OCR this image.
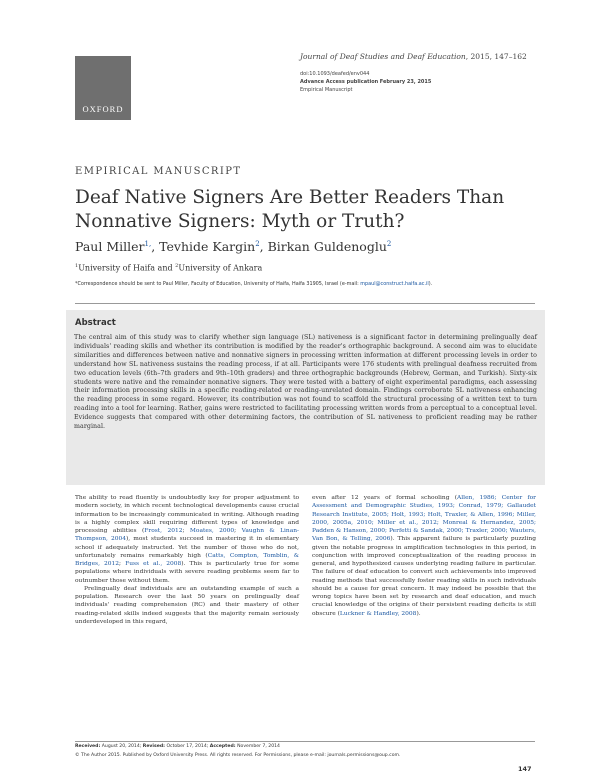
OXFORD
Journal of Deaf Studies and Deaf Education, 2015, 147–162
doi:10.1093/deafed/env044
Advance Access publication February 23, 2015
Empirical Manuscript
EMPIRICAL MANUSCRIPT
Deaf Native Signers Are Better Readers Than Nonnative Signers: Myth or Truth?
Paul Miller$^{1,}$, Tevhide Kargin$^2$, Birkan Guldenoglu$^2$
$^1$University of Haifa and $^2$University of Ankara
*Correspondence should be sent to Paul Miller, Faculty of Education, University of Haifa, Haifa 31905, Israel (e-mail: mpaul@construct.haifa.ac.il).
Abstract

The central aim of this study was to clarify whether sign language (SL) nativeness is a significant factor in determining prelingually deaf individuals' reading skills and whether its contribution is modified by the reader's orthographic background. A second aim was to elucidate similarities and differences between native and nonnative signers in processing written information at different processing levels in order to understand how SL nativeness sustains the reading process, if at all. Participants were 176 students with prelingual deafness recruited from two education levels (6th–7th graders and 9th–10th graders) and three orthographic backgrounds (Hebrew, German, and Turkish). Sixty-six students were native and the remainder nonnative signers. They were tested with a battery of eight experimental paradigms, each assessing their information processing skills in a specific reading-related or reading-unrelated domain. Findings corroborate SL nativeness enhancing the reading process in some regard. However, its contribution was not found to scaffold the structural processing of a written text to turn reading into a tool for learning. Rather, gains were restricted to facilitating processing written words from a perceptual to a conceptual level. Evidence suggests that compared with other determining factors, the contribution of SL nativeness to proficient reading may be rather marginal.

The ability to read fluently is undoubtedly key for proper adjustment to modern society, in which recent technological developments cause crucial information to be increasingly communicated in writing. Although reading is a highly complex skill requiring different types of knowledge and processing abilities (Frost, 2012; Moates, 2000; Vaughn & Linan-Thompson, 2004), most students succeed in mastering it in elementary school if adequately instructed. Yet the number of those who do not, unfortunately remains remarkably high (Catts, Compton, Tomblin, & Bridges, 2012; Fuss et al., 2008). This is particularly true for some populations where individuals with severe reading problems seem far to outnumber those without them.

Prelingually deaf individuals are an outstanding example of such a population. Research over the last 50 years on prelingually deaf individuals' reading comprehension (RC) and their mastery of other reading-related skills indeed suggests that the majority remain seriously underdeveloped in this regard,

even after 12 years of formal schooling (Allen, 1986; Center for Assessment and Demographic Studies, 1993; Conrad, 1979; Gallaudet Research Institute, 2005; Holt, 1993; Holt, Traxler, & Allen, 1996; Miller, 2000, 2005a, 2010; Miller et al., 2012; Monreal & Hernandez, 2005; Padden & Hanson, 2000; Perfetti & Sandak, 2000; Traxler, 2000; Wauters, Van Bon, & Telling, 2006). This apparent failure is particularly puzzling given the notable progress in amplification technologies in this period, in conjunction with improved conceptualization of the reading process in general, and hypothesized causes underlying reading failure in particular. The failure of deaf education to convert such achievements into improved reading methods that successfully foster reading skills in such individuals should be a cause for great concern. It may indeed be possible that the wrong topics have been set by research and deaf education, and much crucial knowledge of the origins of their persistent reading deficits is still obscure (Luckner & Handley, 2008).

Received: August 20, 2014; Revised: October 17, 2014; Accepted: November 7, 2014
© The Author 2015. Published by Oxford University Press. All rights reserved. For Permissions, please e-mail: journals.permissions@oup.com.
147
